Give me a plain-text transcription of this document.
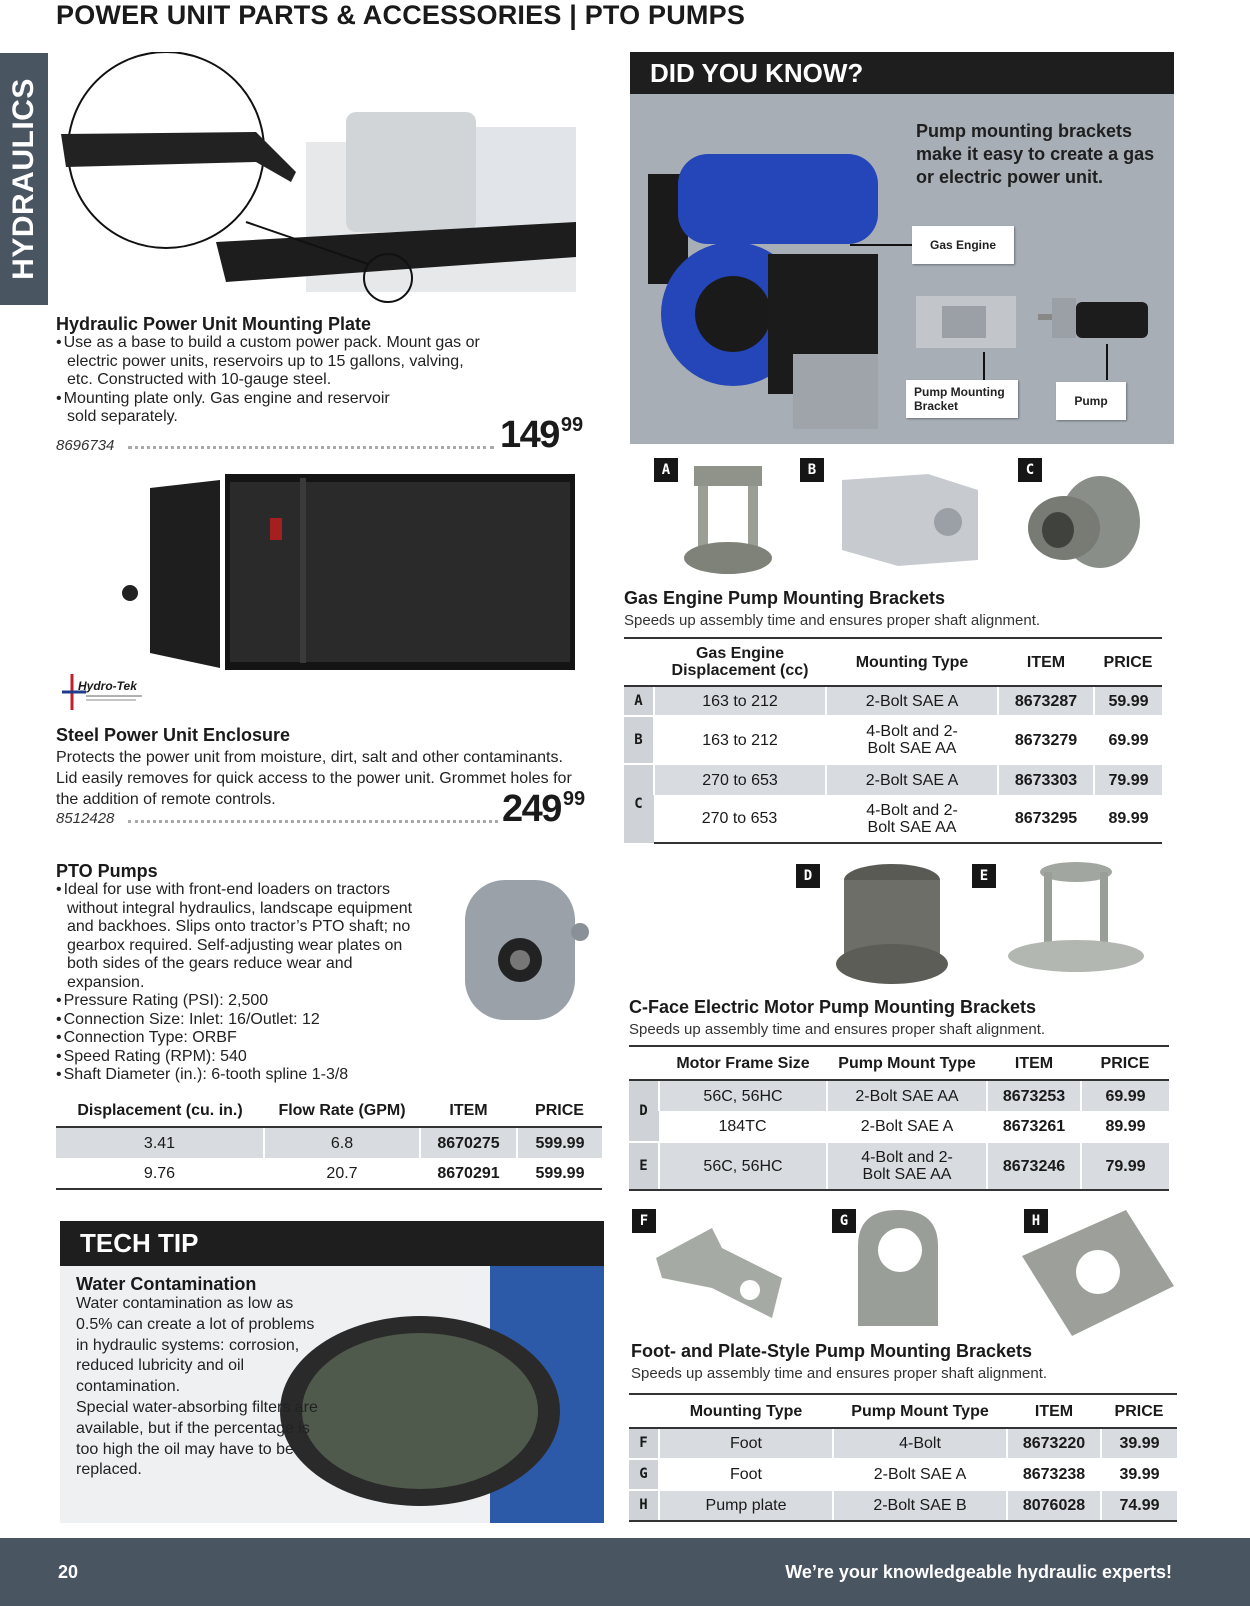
POWER UNIT PARTS & ACCESSORIES | PTO PUMPS
HYDRAULICS
Hydraulic Power Unit Mounting Plate
• Use as a base to build a custom power pack. Mount gas or electric power units, reservoirs up to 15 gallons, valving, etc. Constructed with 10-gauge steel.
• Mounting plate only. Gas engine and reservoir sold separately.
8696734	149 $^{99}$
Hydro-Tek
Steel Power Unit Enclosure
Protects the power unit from moisture, dirt, salt and other contaminants. Lid easily removes for quick access to the power unit. Grommet holes for the addition of remote controls.
8512428	249 $^{99}$
PTO Pumps
• Ideal for use with front-end loaders on tractors without integral hydraulics, landscape equipment and backhoes. Slips onto tractor’s PTO shaft; no gearbox required. Self-adjusting wear plates on both sides of the gears reduce wear and expansion.
• Pressure Rating (PSI): 2,500
• Connection Size: Inlet: 16/Outlet: 12
• Connection Type: ORBF
• Speed Rating (RPM): 540
• Shaft Diameter (in.): 6-tooth spline 1-3/8
Displacement (cu. in.)	Flow Rate (GPM)	ITEM	PRICE
3.41	6.8	8670275	599.99
9.76	20.7	8670291	599.99
TECH TIP
Water Contamination
Water contamination as low as 0.5% can create a lot of problems in hydraulic systems: corrosion, reduced lubricity and oil contamination.
Special water-absorbing filters are available, but if the percentage is too high the oil may have to be replaced.
DID YOU KNOW?
Pump mounting brackets make it easy to create a gas or electric power unit.
Gas Engine
Pump Mounting Bracket	Pump
A	B	C
Gas Engine Pump Mounting Brackets
Speeds up assembly time and ensures proper shaft alignment.
	Gas Engine Displacement (cc)	Mounting Type	ITEM	PRICE
A	163 to 212	2-Bolt SAE A	8673287	59.99
B	163 to 212	4-Bolt and 2-Bolt SAE AA	8673279	69.99
C	270 to 653	2-Bolt SAE A	8673303	79.99
	270 to 653	4-Bolt and 2-Bolt SAE AA	8673295	89.99
D	E
C-Face Electric Motor Pump Mounting Brackets
Speeds up assembly time and ensures proper shaft alignment.
	Motor Frame Size	Pump Mount Type	ITEM	PRICE
D	56C, 56HC	2-Bolt SAE AA	8673253	69.99
	184TC	2-Bolt SAE A	8673261	89.99
E	56C, 56HC	4-Bolt and 2-Bolt SAE AA	8673246	79.99
F	G	H
Foot- and Plate-Style Pump Mounting Brackets
Speeds up assembly time and ensures proper shaft alignment.
	Mounting Type	Pump Mount Type	ITEM	PRICE
F	Foot	4-Bolt	8673220	39.99
G	Foot	2-Bolt SAE A	8673238	39.99
H	Pump plate	2-Bolt SAE B	8076028	74.99
20	We’re your knowledgeable hydraulic experts!
